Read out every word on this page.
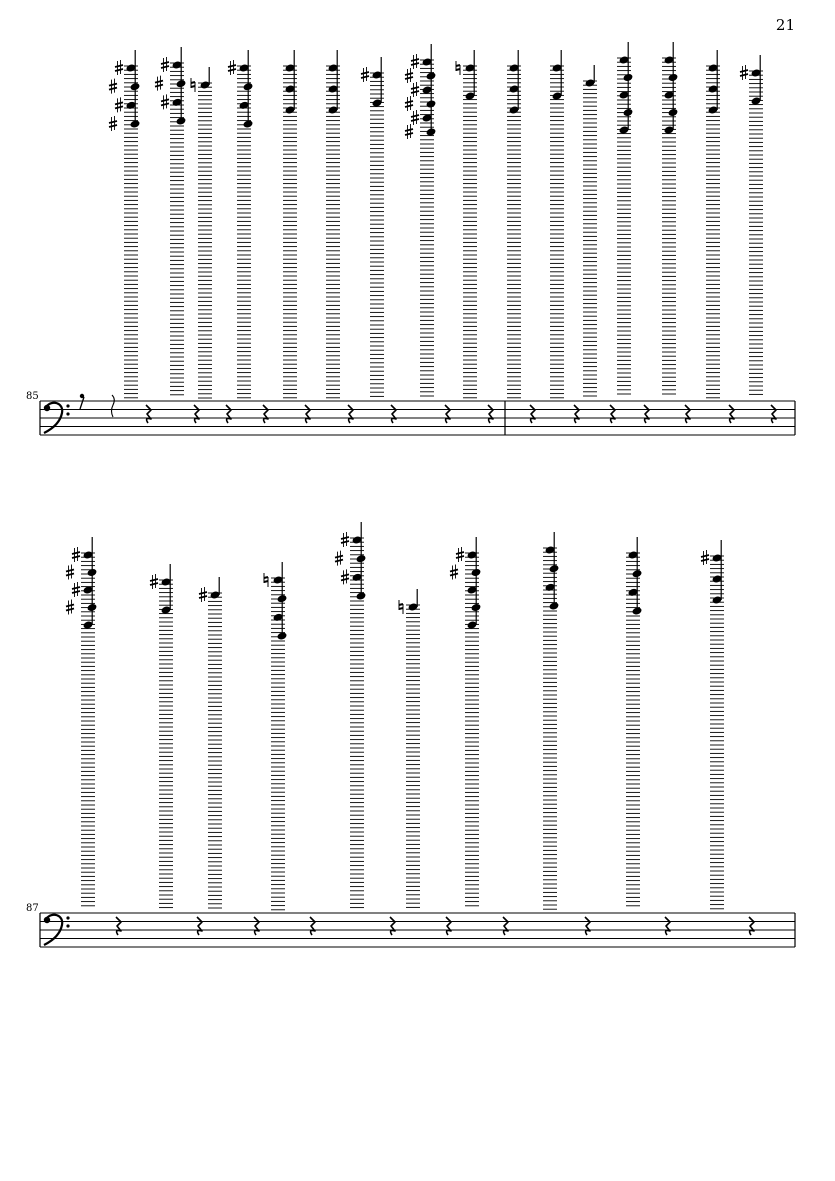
21
85
87
